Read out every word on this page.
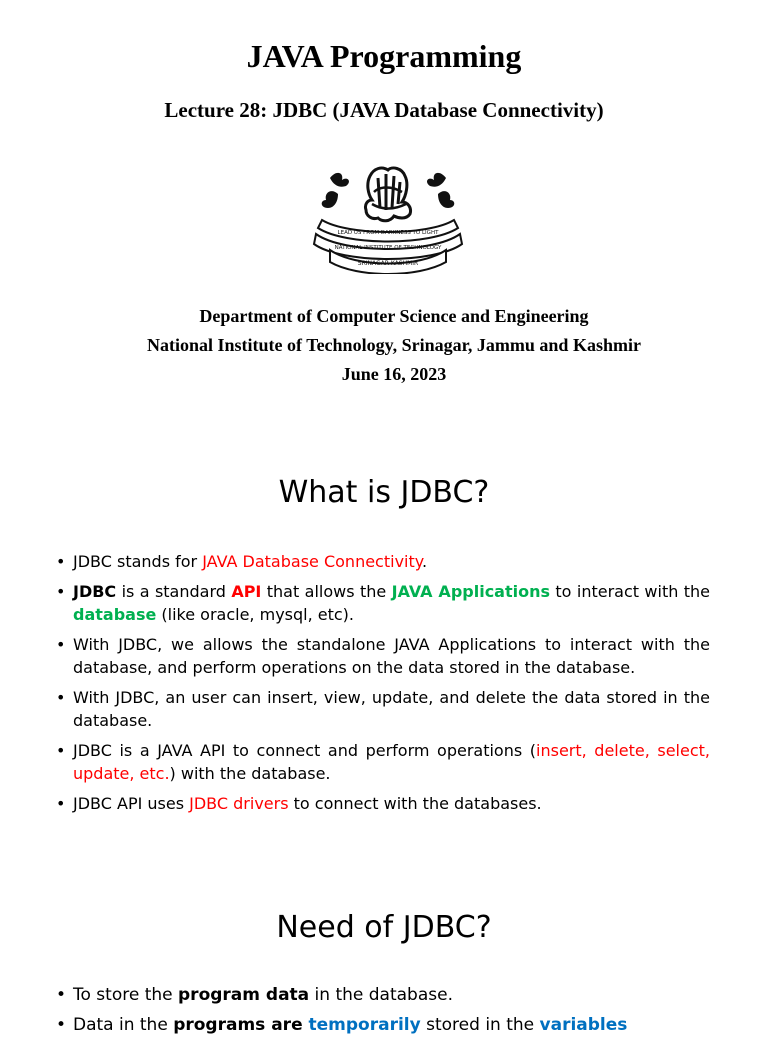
JAVA Programming
Lecture 28: JDBC (JAVA Database Connectivity)
LEAD US FROM DARKNESS TO LIGHT
NATIONAL INSTITUTE OF TECHNOLOGY
SRINAGAR KASHMIR
Department of Computer Science and Engineering
National Institute of Technology, Srinagar, Jammu and Kashmir
June 16, 2023
What is JDBC?
• JDBC stands for JAVA Database Connectivity.
• JDBC is a standard API that allows the JAVA Applications to interact with the database (like oracle, mysql, etc).
• With JDBC, we allows the standalone JAVA Applications to interact with the database, and perform operations on the data stored in the database.
• With JDBC, an user can insert, view, update, and delete the data stored in the database.
• JDBC is a JAVA API to connect and perform operations (insert, delete, select, update, etc.) with the database.
• JDBC API uses JDBC drivers to connect with the databases.
Need of JDBC?
• To store the program data in the database.
• Data in the programs are temporarily stored in the variables
